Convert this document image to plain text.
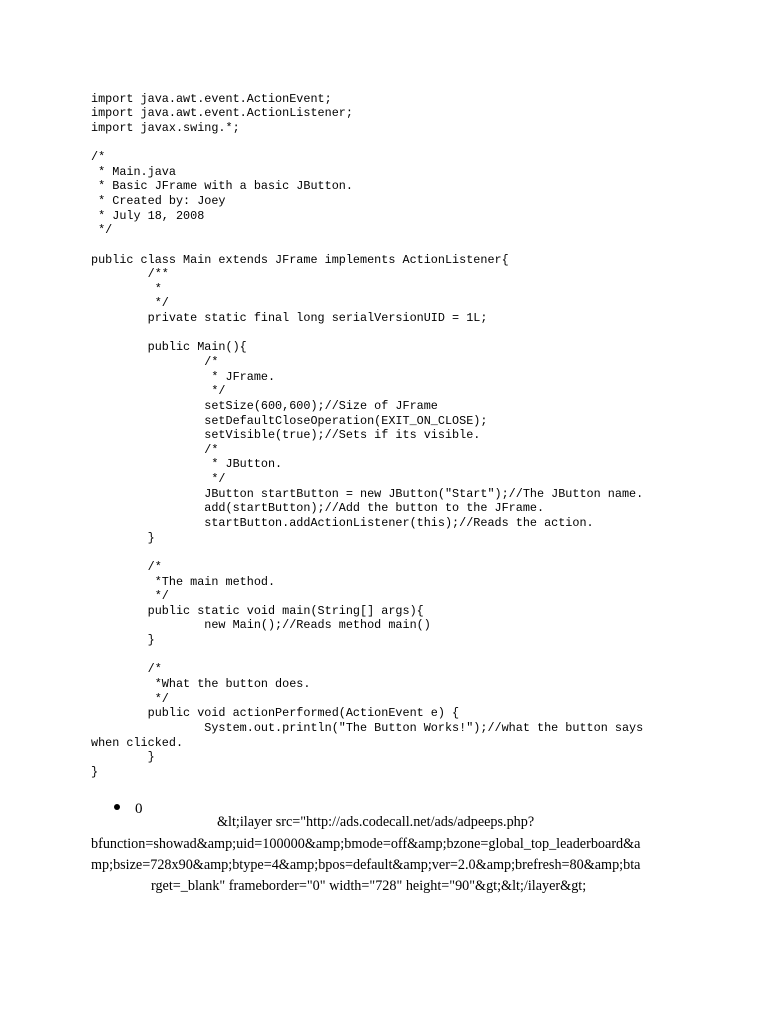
import java.awt.event.ActionEvent;
import java.awt.event.ActionListener;
import javax.swing.*;
/*
* Main.java
* Basic JFrame with a basic JButton.
* Created by: Joey
* July 18, 2008
*/
public class Main extends JFrame implements ActionListener{
/**
*
*/
private static final long serialVersionUID = 1L;
public Main(){
/*
* JFrame.
*/
setSize(600,600);//Size of JFrame
setDefaultCloseOperation(EXIT_ON_CLOSE);
setVisible(true);//Sets if its visible.
/*
* JButton.
*/
JButton startButton = new JButton("Start");//The JButton name.
add(startButton);//Add the button to the JFrame.
startButton.addActionListener(this);//Reads the action.
}
/*
*The main method.
*/
public static void main(String[] args){
new Main();//Reads method main()
}
/*
*What the button does.
*/
public void actionPerformed(ActionEvent e) {
System.out.println("The Button Works!");//what the button says
when clicked.
}
}
0
&lt;ilayer src="http://ads.codecall.net/ads/adpeeps.php?
bfunction=showad&amp;uid=100000&amp;bmode=off&amp;bzone=global_top_leaderboard&a
mp;bsize=728x90&amp;btype=4&amp;bpos=default&amp;ver=2.0&amp;brefresh=80&amp;bta
rget=_blank" frameborder="0" width="728" height="90"&gt;&lt;/ilayer&gt;
